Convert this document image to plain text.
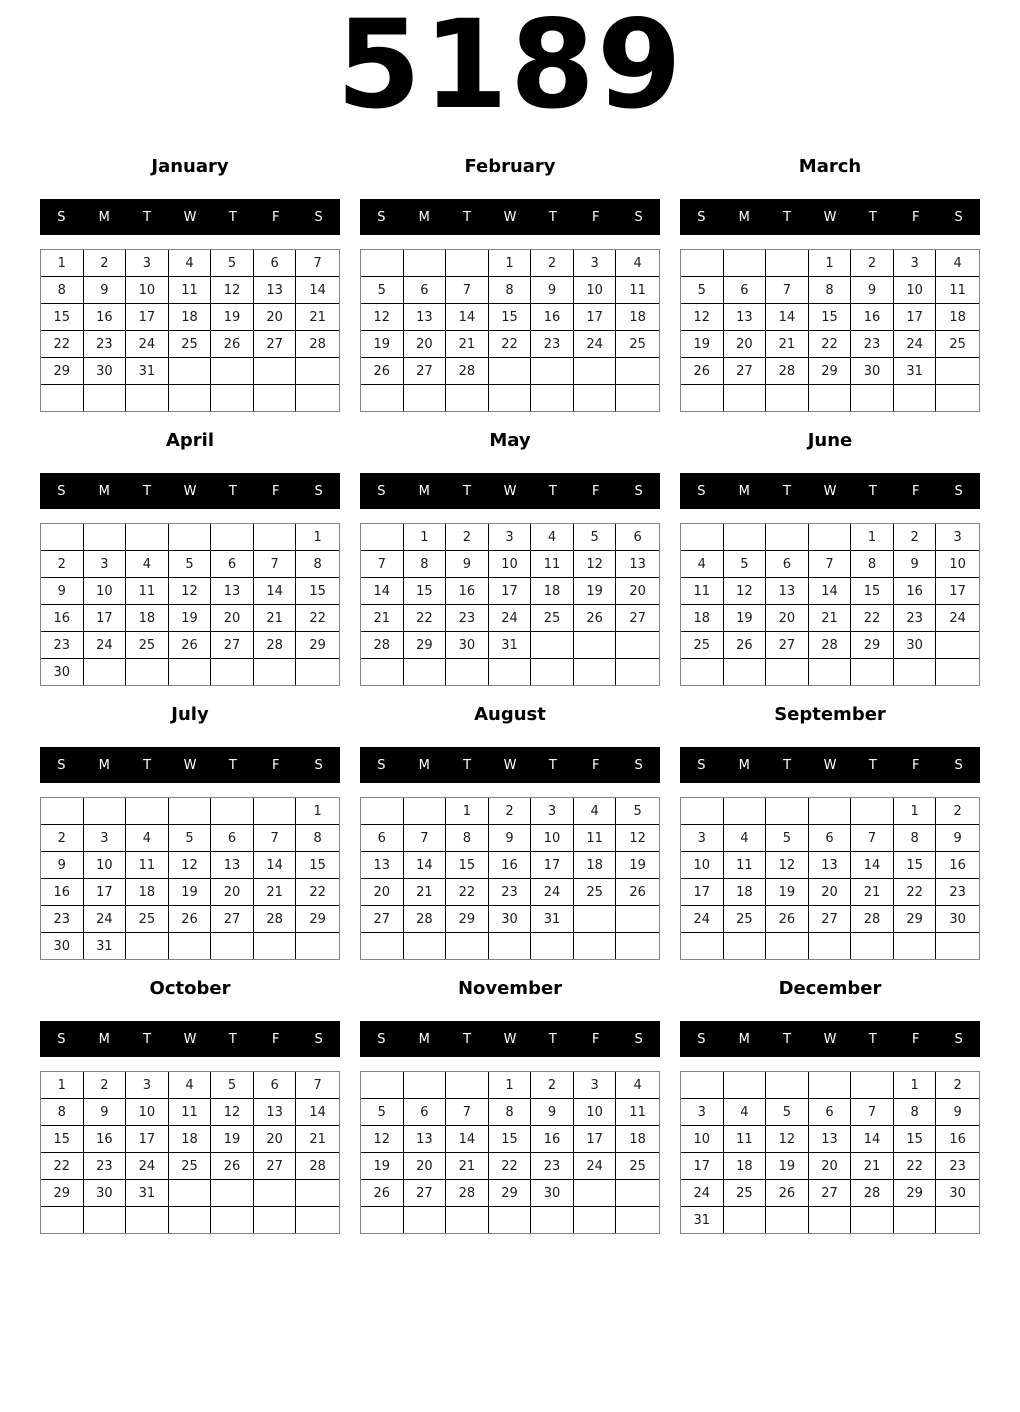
5189
January
S	M	T	W	T	F	S
1	2	3	4	5	6	7
8	9	10	11	12	13	14
15	16	17	18	19	20	21
22	23	24	25	26	27	28
29	30	31				

February
S	M	T	W	T	F	S
			1	2	3	4
5	6	7	8	9	10	11
12	13	14	15	16	17	18
19	20	21	22	23	24	25
26	27	28				

March
S	M	T	W	T	F	S
			1	2	3	4
5	6	7	8	9	10	11
12	13	14	15	16	17	18
19	20	21	22	23	24	25
26	27	28	29	30	31	

April
S	M	T	W	T	F	S
						1
2	3	4	5	6	7	8
9	10	11	12	13	14	15
16	17	18	19	20	21	22
23	24	25	26	27	28	29
30						
May
S	M	T	W	T	F	S
	1	2	3	4	5	6
7	8	9	10	11	12	13
14	15	16	17	18	19	20
21	22	23	24	25	26	27
28	29	30	31			

June
S	M	T	W	T	F	S
				1	2	3
4	5	6	7	8	9	10
11	12	13	14	15	16	17
18	19	20	21	22	23	24
25	26	27	28	29	30	

July
S	M	T	W	T	F	S
						1
2	3	4	5	6	7	8
9	10	11	12	13	14	15
16	17	18	19	20	21	22
23	24	25	26	27	28	29
30	31					
August
S	M	T	W	T	F	S
		1	2	3	4	5
6	7	8	9	10	11	12
13	14	15	16	17	18	19
20	21	22	23	24	25	26
27	28	29	30	31		

September
S	M	T	W	T	F	S
					1	2
3	4	5	6	7	8	9
10	11	12	13	14	15	16
17	18	19	20	21	22	23
24	25	26	27	28	29	30

October
S	M	T	W	T	F	S
1	2	3	4	5	6	7
8	9	10	11	12	13	14
15	16	17	18	19	20	21
22	23	24	25	26	27	28
29	30	31				

November
S	M	T	W	T	F	S
			1	2	3	4
5	6	7	8	9	10	11
12	13	14	15	16	17	18
19	20	21	22	23	24	25
26	27	28	29	30		

December
S	M	T	W	T	F	S
					1	2
3	4	5	6	7	8	9
10	11	12	13	14	15	16
17	18	19	20	21	22	23
24	25	26	27	28	29	30
31						
